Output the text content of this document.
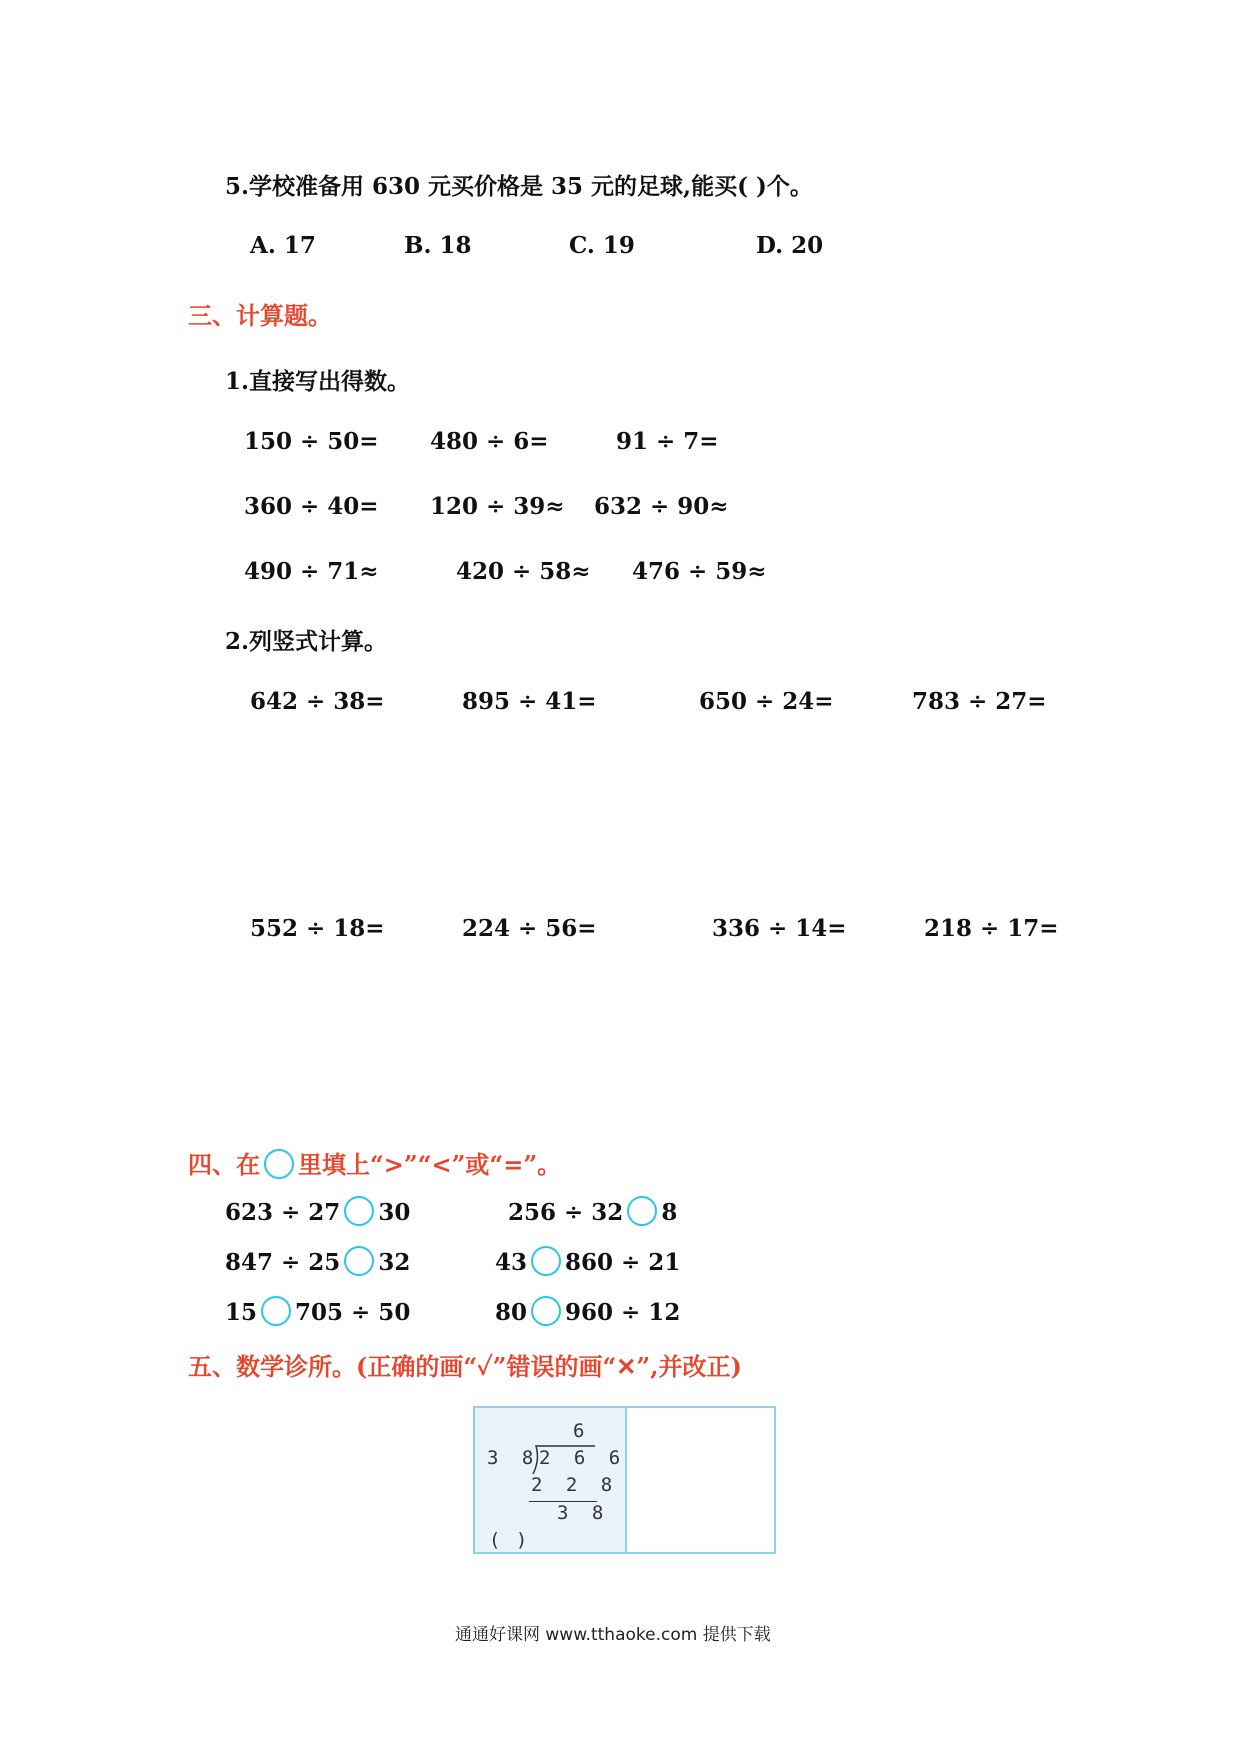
5.学校准备用 630 元买价格是 35 元的足球,能买( )个。
A. 17	B. 18	C. 19	D. 20
三、计算题。
1.直接写出得数。
150 ÷ 50= 480 ÷ 6=	91 ÷ 7=
360 ÷ 40= 120 ÷ 39≈ 632 ÷ 90≈
490 ÷ 71≈	420 ÷ 58≈ 476 ÷ 59≈
2.列竖式计算。
642 ÷ 38=	895 ÷ 41=	650 ÷ 24=	783 ÷ 27=
552 ÷ 18=	224 ÷ 56=	336 ÷ 14=	218 ÷ 17=
四、在 里填上“>”“<”或“=”。
623 ÷ 27 30	256 ÷ 32 8
847 ÷ 25 32	43 860 ÷ 21
15 705 ÷ 50	80 960 ÷ 12
五、数学诊所。(正确的画“✓”错误的画“✕”,并改正)
6
3 8 2 6 6
2 2 8
3 8
( )
通通好课网 www.tthaoke.com 提供下载
